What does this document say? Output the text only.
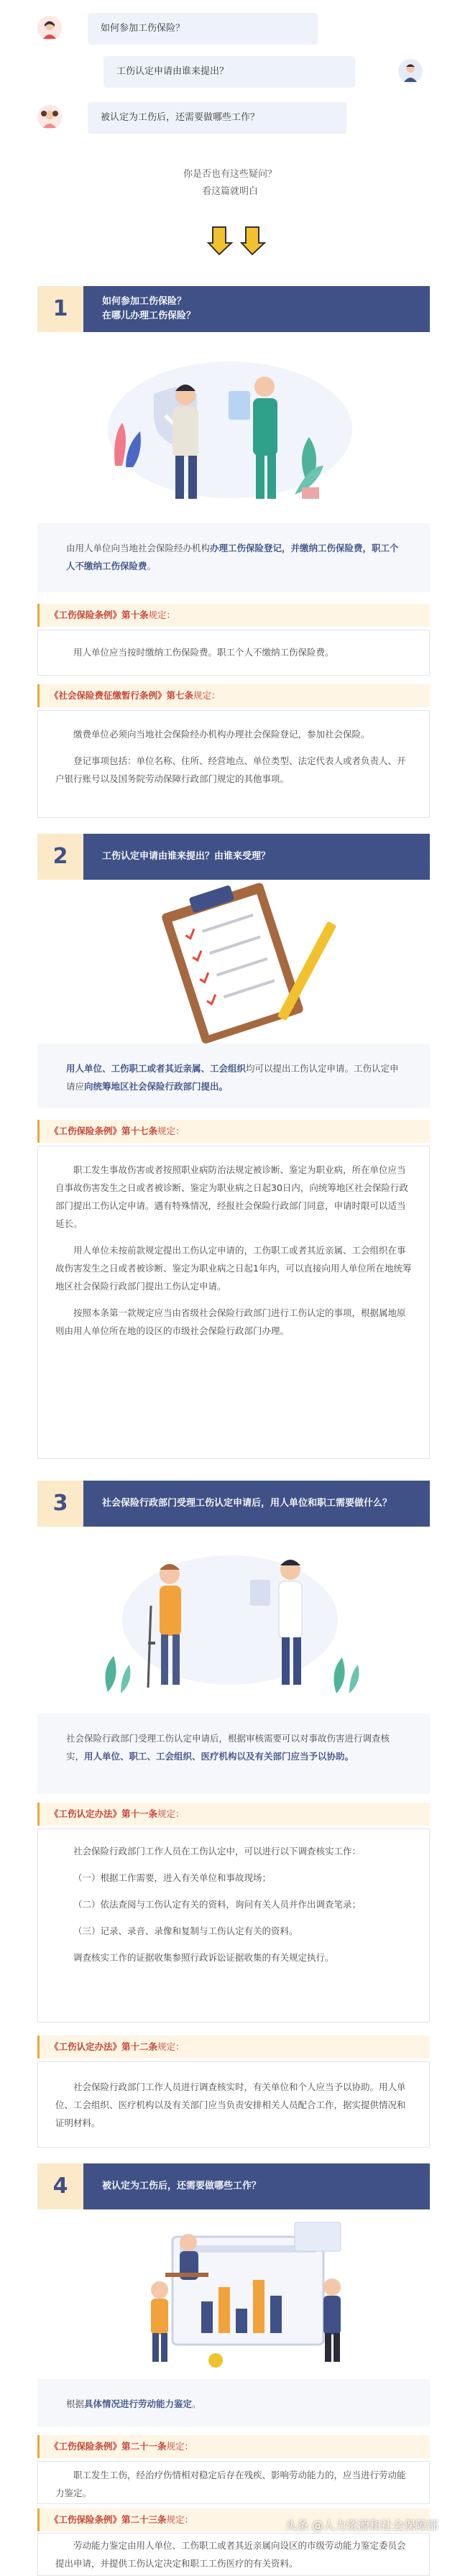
如何参加工伤保险？
工伤认定申请由谁来提出？
被认定为工伤后，还需要做哪些工作？
你是否也有这些疑问？
看这篇就明白
1	如何参加工伤保险？
在哪儿办理工伤保险？

由用人单位向当地社会保险经办机构办理工伤保险登记，并缴纳工伤保险费，职工个人不缴纳工伤保险费。

《工伤保险条例》第十条规定：

用人单位应当按时缴纳工伤保险费。职工个人不缴纳工伤保险费。

《社会保险费征缴暂行条例》第七条规定：

缴费单位必须向当地社会保险经办机构办理社会保险登记，参加社会保险。

登记事项包括：单位名称、住所、经营地点、单位类型、法定代表人或者负责人、开户银行账号以及国务院劳动保障行政部门规定的其他事项。

2	工伤认定申请由谁来提出？由谁来受理？

用人单位、工伤职工或者其近亲属、工会组织均可以提出工伤认定申请。工伤认定申请应向统筹地区社会保险行政部门提出。

《工伤保险条例》第十七条规定：

职工发生事故伤害或者按照职业病防治法规定被诊断、鉴定为职业病，所在单位应当自事故伤害发生之日或者被诊断、鉴定为职业病之日起30日内，向统筹地区社会保险行政部门提出工伤认定申请。遇有特殊情况，经报社会保险行政部门同意，申请时限可以适当延长。

用人单位未按前款规定提出工伤认定申请的，工伤职工或者其近亲属、工会组织在事故伤害发生之日或者被诊断、鉴定为职业病之日起1年内，可以直接向用人单位所在地统筹地区社会保险行政部门提出工伤认定申请。

按照本条第一款规定应当由省级社会保险行政部门进行工伤认定的事项，根据属地原则由用人单位所在地的设区的市级社会保险行政部门办理。

3	社会保险行政部门受理工伤认定申请后，用人单位和职工需要做什么？

社会保险行政部门受理工伤认定申请后，根据审核需要可以对事故伤害进行调查核实，用人单位、职工、工会组织、医疗机构以及有关部门应当予以协助。

《工伤认定办法》第十一条规定：

社会保险行政部门工作人员在工伤认定中，可以进行以下调查核实工作：

（一）根据工作需要，进入有关单位和事故现场；

（二）依法查阅与工伤认定有关的资料，询问有关人员并作出调查笔录；

（三）记录、录音、录像和复制与工伤认定有关的资料。

调查核实工作的证据收集参照行政诉讼证据收集的有关规定执行。

《工伤认定办法》第十二条规定：

社会保险行政部门工作人员进行调查核实时，有关单位和个人应当予以协助。用人单位、工会组织、医疗机构以及有关部门应当负责安排相关人员配合工作，据实提供情况和证明材料。

4	被认定为工伤后，还需要做哪些工作？

根据具体情况进行劳动能力鉴定。

《工伤保险条例》第二十一条规定：

职工发生工伤，经治疗伤情相对稳定后存在残疾、影响劳动能力的，应当进行劳动能力鉴定。

《工伤保险条例》第二十三条规定：

劳动能力鉴定由用人单位、工伤职工或者其近亲属向设区的市级劳动能力鉴定委员会提出申请，并提供工伤认定决定和职工工伤医疗的有关资料。

头条 @人力资源和社会保障部
